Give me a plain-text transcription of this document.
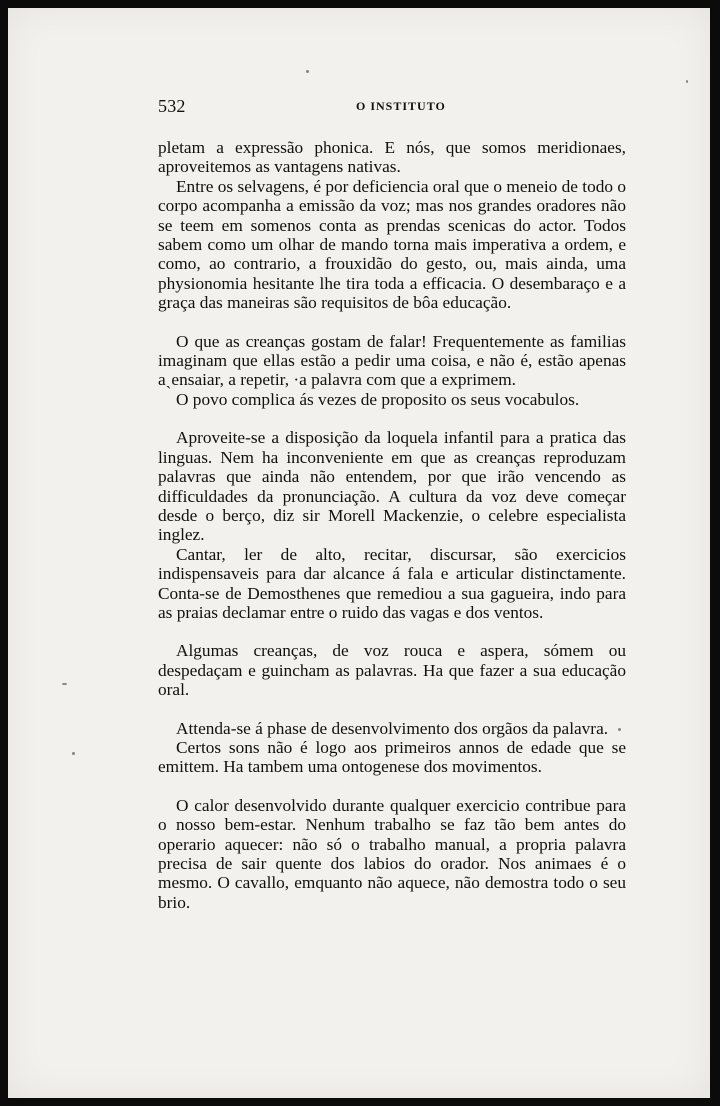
532	O INSTITUTO

pletam a expressão phonica. E nós, que somos meridionaes, aproveitemos as vantagens nativas.

Entre os selvagens, é por deficiencia oral que o meneio de todo o corpo acompanha a emissão da voz; mas nos grandes oradores não se teem em somenos conta as prendas scenicas do actor. Todos sabem como um olhar de mando torna mais imperativa a ordem, e como, ao contrario, a frouxidão do gesto, ou, mais ainda, uma physionomia hesitante lhe tira toda a efficacia. O desembaraço e a graça das maneiras são requisitos de bôa educação.

O que as creanças gostam de falar! Frequentemente as familias imaginam que ellas estão a pedir uma coisa, e não é, estão apenas aˎensaiar, a repetir, ·a palavra com que a exprimem.

O povo complica ás vezes de proposito os seus vocabulos.

Aproveite-se a disposição da loquela infantil para a pratica das linguas. Nem ha inconveniente em que as creanças reproduzam palavras que ainda não entendem, por que irão vencendo as difficuldades da pronunciação. A cultura da voz deve começar desde o berço, diz sir Morell Mackenzie, o celebre especialista inglez.

Cantar, ler de alto, recitar, discursar, são exercicios indispensaveis para dar alcance á fala e articular distinctamente. Conta-se de Demosthenes que remediou a sua gagueira, indo para as praias declamar entre o ruido das vagas e dos ventos.

Algumas creanças, de voz rouca e aspera, sómem ou despedaçam e guincham as palavras. Ha que fazer a sua educação oral.

Attenda-se á phase de desenvolvimento dos orgãos da palavra.

Certos sons não é logo aos primeiros annos de edade que se emittem. Ha tambem uma ontogenese dos movimentos.

O calor desenvolvido durante qualquer exercicio contribue para o nosso bem-estar. Nenhum trabalho se faz tão bem antes do operario aquecer: não só o trabalho manual, a propria palavra precisa de sair quente dos labios do orador. Nos animaes é o mesmo. O cavallo, emquanto não aquece, não demostra todo o seu brio.
